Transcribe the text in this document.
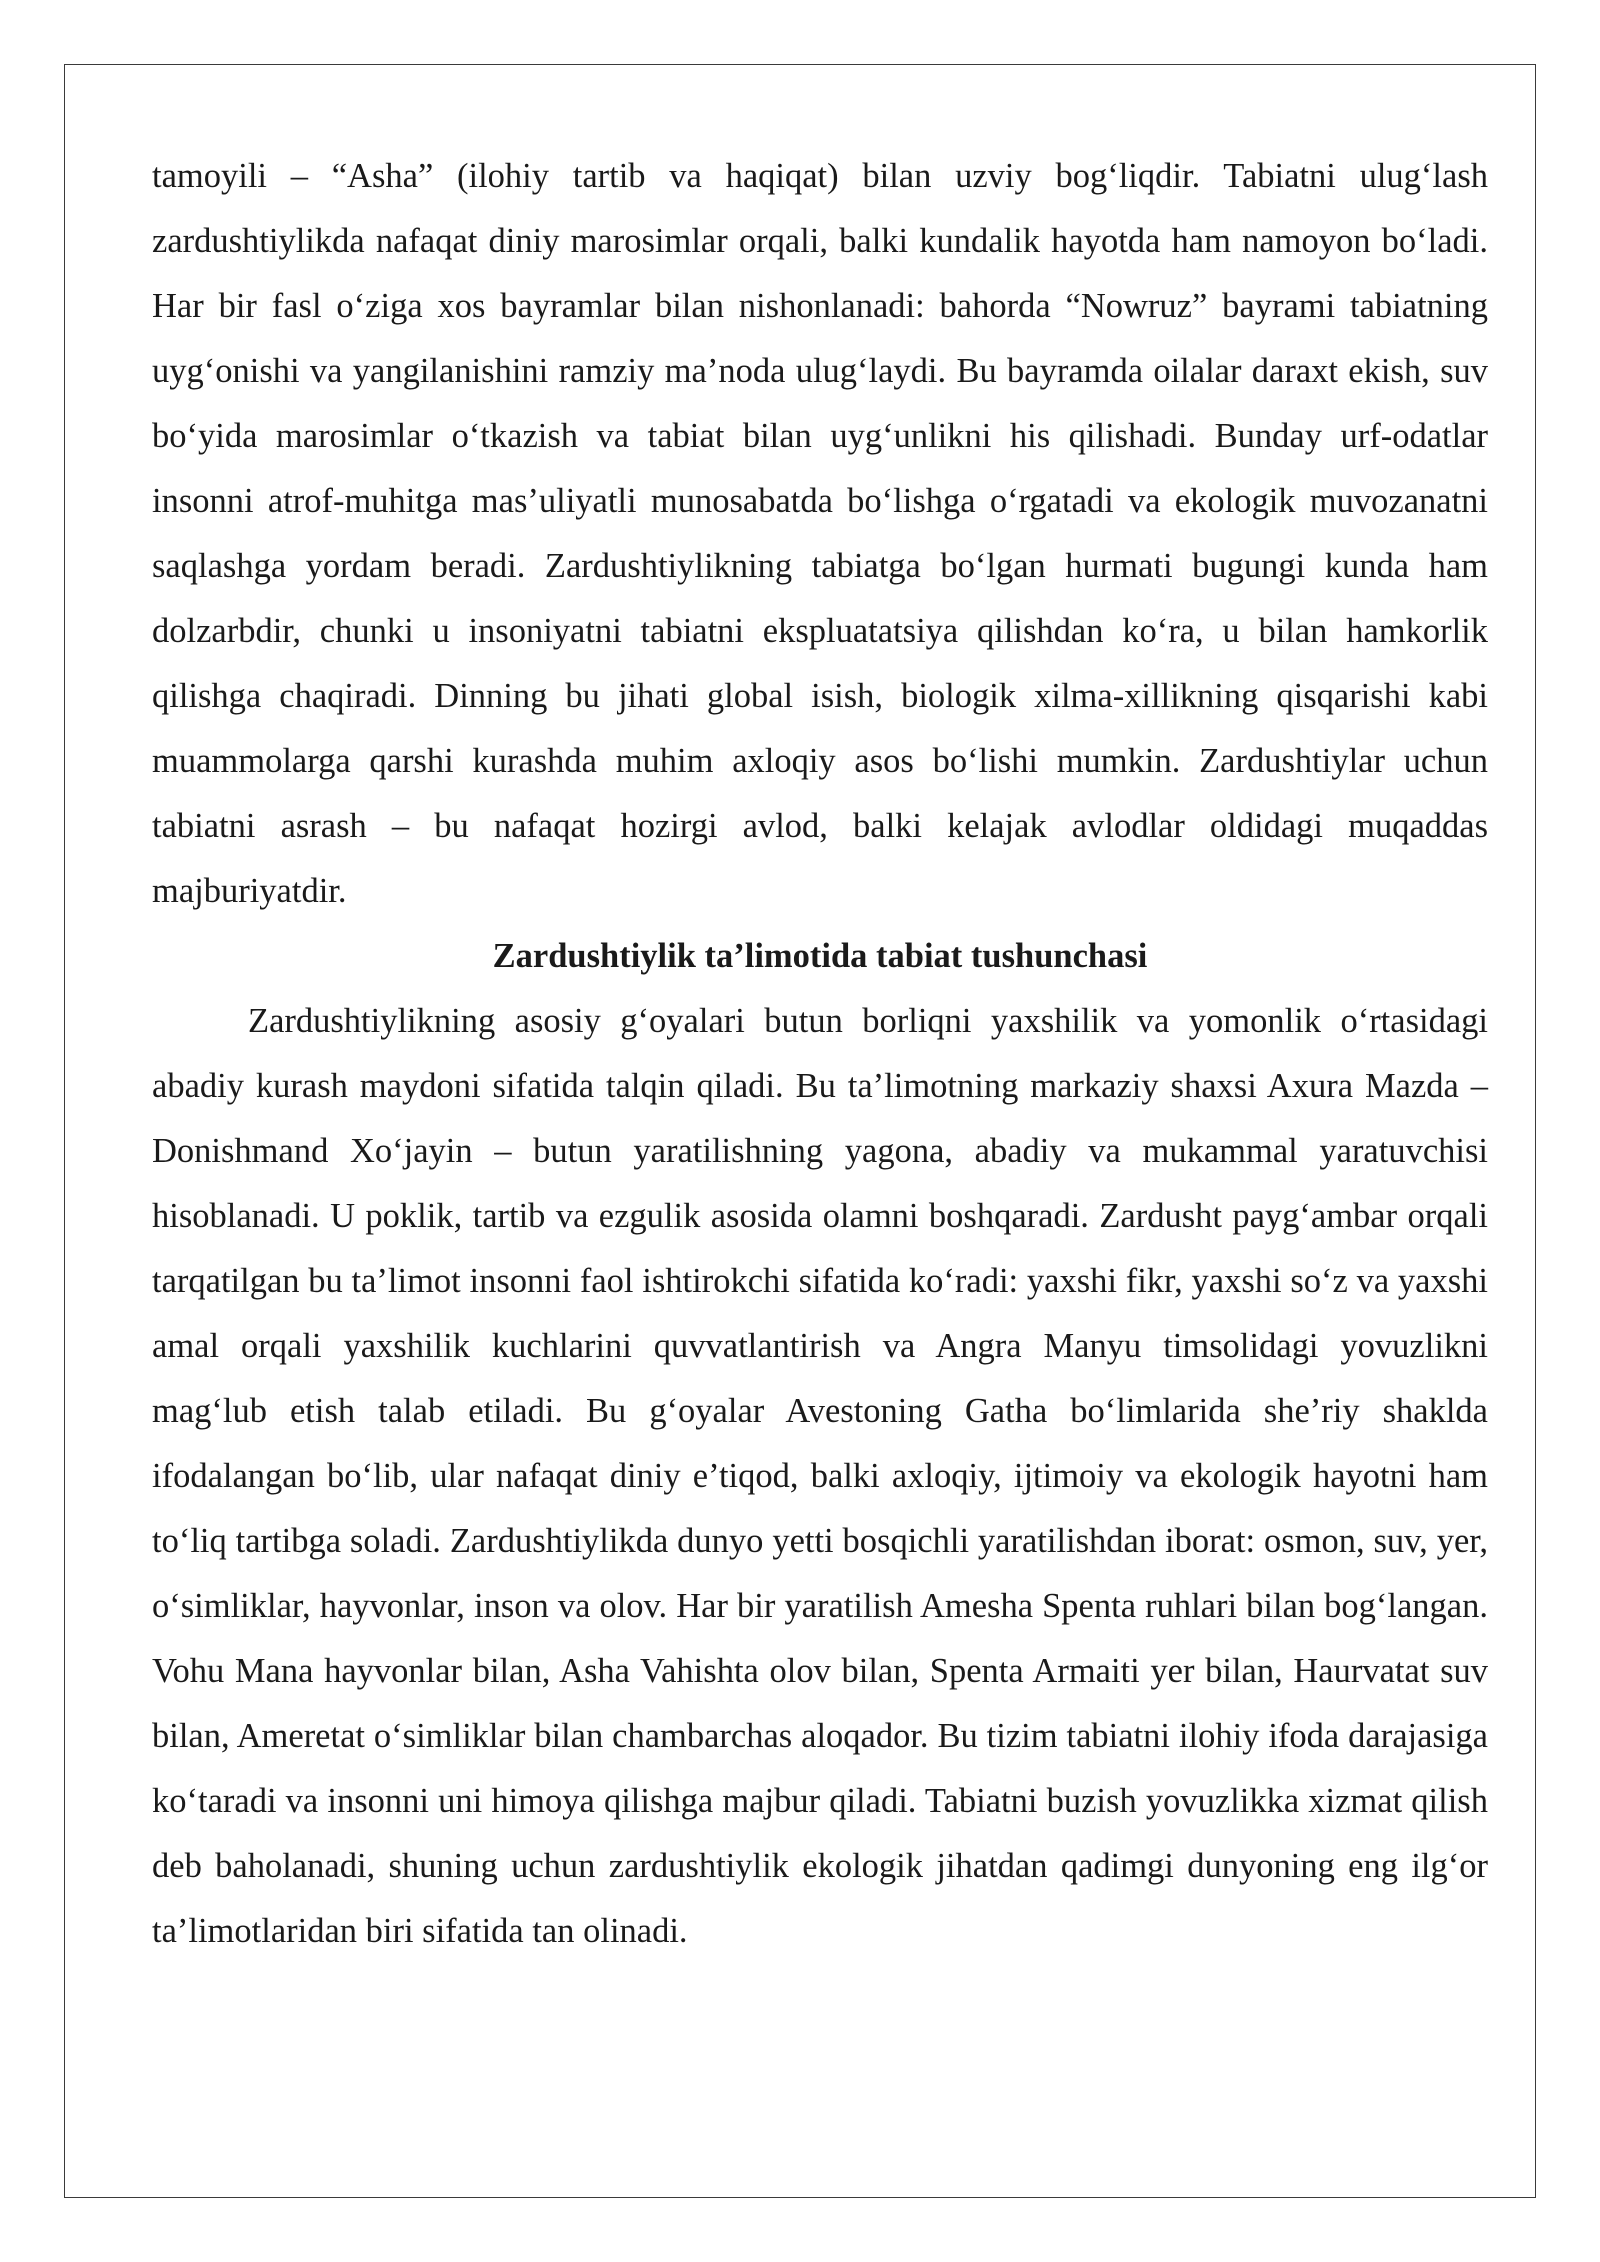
tamoyili – “Asha” (ilohiy tartib va haqiqat) bilan uzviy bog‘liqdir. Tabiatni ulug‘lash zardushtiylikda nafaqat diniy marosimlar orqali, balki kundalik hayotda ham namoyon bo‘ladi. Har bir fasl o‘ziga xos bayramlar bilan nishonlanadi: bahorda “Nowruz” bayrami tabiatning uyg‘onishi va yangilanishini ramziy ma’noda ulug‘laydi. Bu bayramda oilalar daraxt ekish, suv bo‘yida marosimlar o‘tkazish va tabiat bilan uyg‘unlikni his qilishadi. Bunday urf-odatlar insonni atrof-muhitga mas’uliyatli munosabatda bo‘lishga o‘rgatadi va ekologik muvozanatni saqlashga yordam beradi. Zardushtiylikning tabiatga bo‘lgan hurmati bugungi kunda ham dolzarbdir, chunki u insoniyatni tabiatni ekspluatatsiya qilishdan ko‘ra, u bilan hamkorlik qilishga chaqiradi. Dinning bu jihati global isish, biologik xilma-xillikning qisqarishi kabi muammolarga qarshi kurashda muhim axloqiy asos bo‘lishi mumkin. Zardushtiylar uchun tabiatni asrash – bu nafaqat hozirgi avlod, balki kelajak avlodlar oldidagi muqaddas majburiyatdir.

Zardushtiylik ta’limotida tabiat tushunchasi

Zardushtiylikning asosiy g‘oyalari butun borliqni yaxshilik va yomonlik o‘rtasidagi abadiy kurash maydoni sifatida talqin qiladi. Bu ta’limotning markaziy shaxsi Axura Mazda – Donishmand Xo‘jayin – butun yaratilishning yagona, abadiy va mukammal yaratuvchisi hisoblanadi. U poklik, tartib va ezgulik asosida olamni boshqaradi. Zardusht payg‘ambar orqali tarqatilgan bu ta’limot insonni faol ishtirokchi sifatida ko‘radi: yaxshi fikr, yaxshi so‘z va yaxshi amal orqali yaxshilik kuchlarini quvvatlantirish va Angra Manyu timsolidagi yovuzlikni mag‘lub etish talab etiladi. Bu g‘oyalar Avestoning Gatha bo‘limlarida she’riy shaklda ifodalangan bo‘lib, ular nafaqat diniy e’tiqod, balki axloqiy, ijtimoiy va ekologik hayotni ham to‘liq tartibga soladi. Zardushtiylikda dunyo yetti bosqichli yaratilishdan iborat: osmon, suv, yer, o‘simliklar, hayvonlar, inson va olov. Har bir yaratilish Amesha Spenta ruhlari bilan bog‘langan. Vohu Mana hayvonlar bilan, Asha Vahishta olov bilan, Spenta Armaiti yer bilan, Haurvatat suv bilan, Ameretat o‘simliklar bilan chambarchas aloqador. Bu tizim tabiatni ilohiy ifoda darajasiga ko‘taradi va insonni uni himoya qilishga majbur qiladi. Tabiatni buzish yovuzlikka xizmat qilish deb baholanadi, shuning uchun zardushtiylik ekologik jihatdan qadimgi dunyoning eng ilg‘or ta’limotlaridan biri sifatida tan olinadi.
